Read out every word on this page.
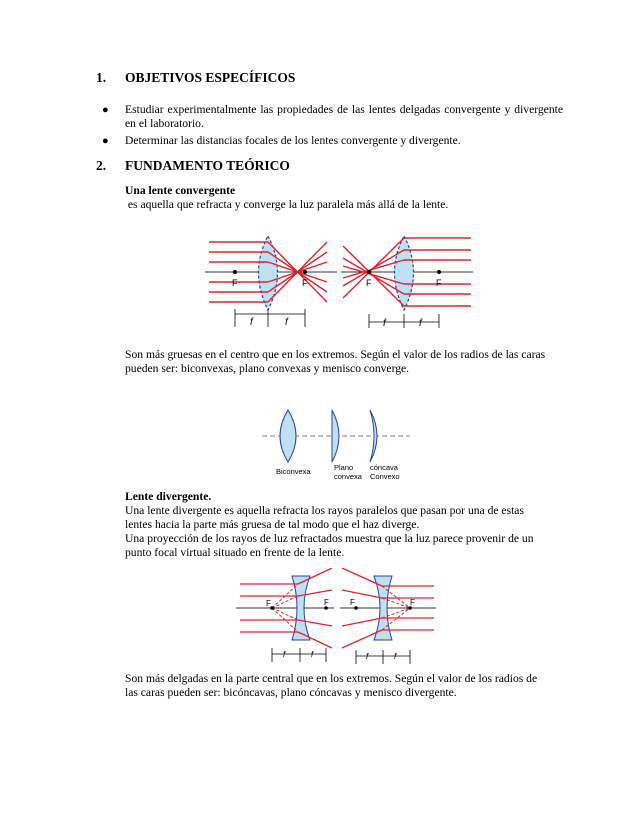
1. OBJETIVOS ESPECÍFICOS
● Estudiar experimentalmente las propiedades de las lentes delgadas convergente y divergente en el laboratorio.
● Determinar las distancias focales de los lentes convergente y divergente.
2. FUNDAMENTO TEÓRICO
Una lente convergente
es aquella que refracta y converge la luz paralela más allá de la lente.
F	F
f	f
F	F
f	f
Son más gruesas en el centro que en los extremos. Según el valor de los radios de las caras pueden ser: biconvexas, plano convexas y menisco converge.
Biconvexa	Plano
convexa
cóncava
Convexo
Lente divergente.
Una lente divergente es aquella refracta los rayos paralelos que pasan por una de estas lentes hacia la parte más gruesa de tal modo que el haz diverge.
Una proyección de los rayos de luz refractados muestra que la luz parece provenir de un punto focal virtual situado en frente de la lente.
F	F
f	f
F	F
f	f
Son más delgadas en la parte central que en los extremos. Según el valor de los radios de las caras pueden ser: bicóncavas, plano cóncavas y menisco divergente.
